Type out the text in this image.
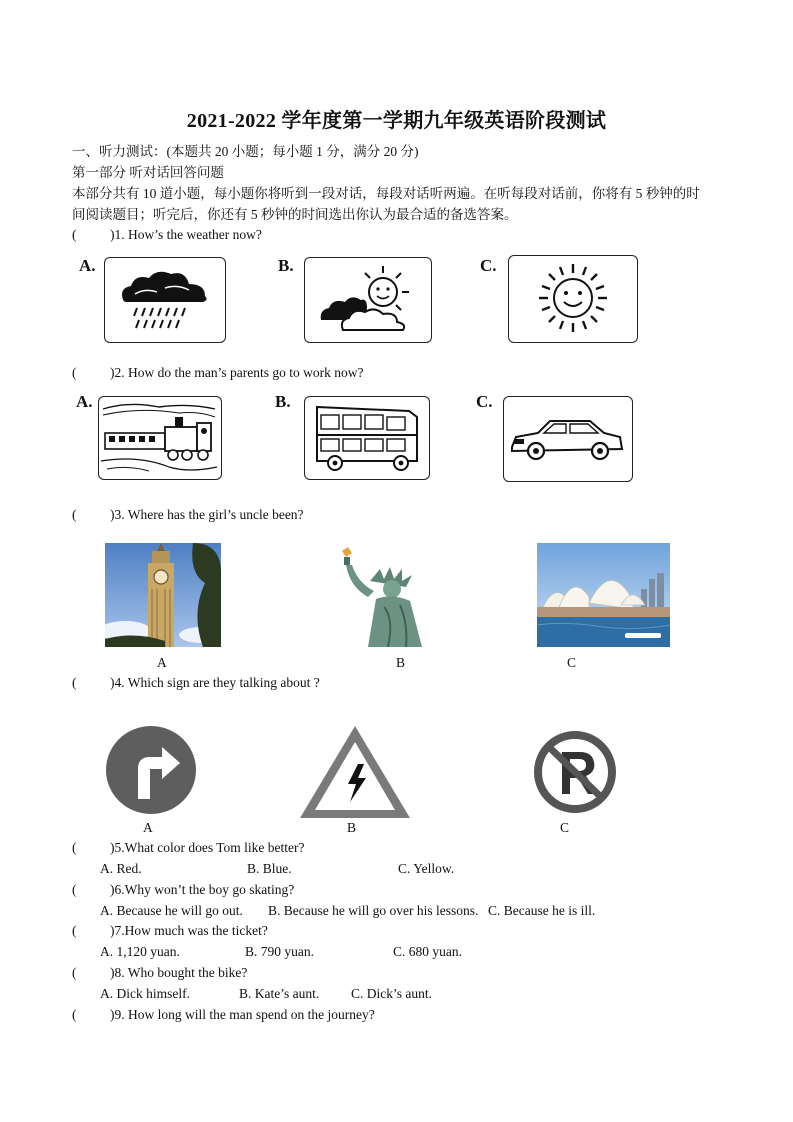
2021-2022 学年度第一学期九年级英语阶段测试
一、听力测试：(本题共 20 小题；每小题 1 分，满分 20 分)
第一部分 听对话回答问题
本部分共有 10 道小题，每小题你将听到一段对话，每段对话听两遍。在听每段对话前，你将有 5 秒钟的时
间阅读题目；听完后，你还有 5 秒钟的时间选出你认为最合适的备选答案。
( )1. How’s the weather now?
A.	B.	C.
( )2. How do the man’s parents go to work now?
A.	B.	C.
( )3. Where has the girl’s uncle been?
A	B	C
( )4. Which sign are they talking about ?
A	B	C
( )5.What color does Tom like better?
A. Red.	B. Blue.	C. Yellow.
( )6.Why won’t the boy go skating?
A. Because he will go out. B. Because he will go over his lessons. C. Because he is ill.
( )7.How much was the ticket?
A. 1,120 yuan.	B. 790 yuan.	C. 680 yuan.
( )8. Who bought the bike?
A. Dick himself.	B. Kate’s aunt. C. Dick’s aunt.
( )9. How long will the man spend on the journey?
